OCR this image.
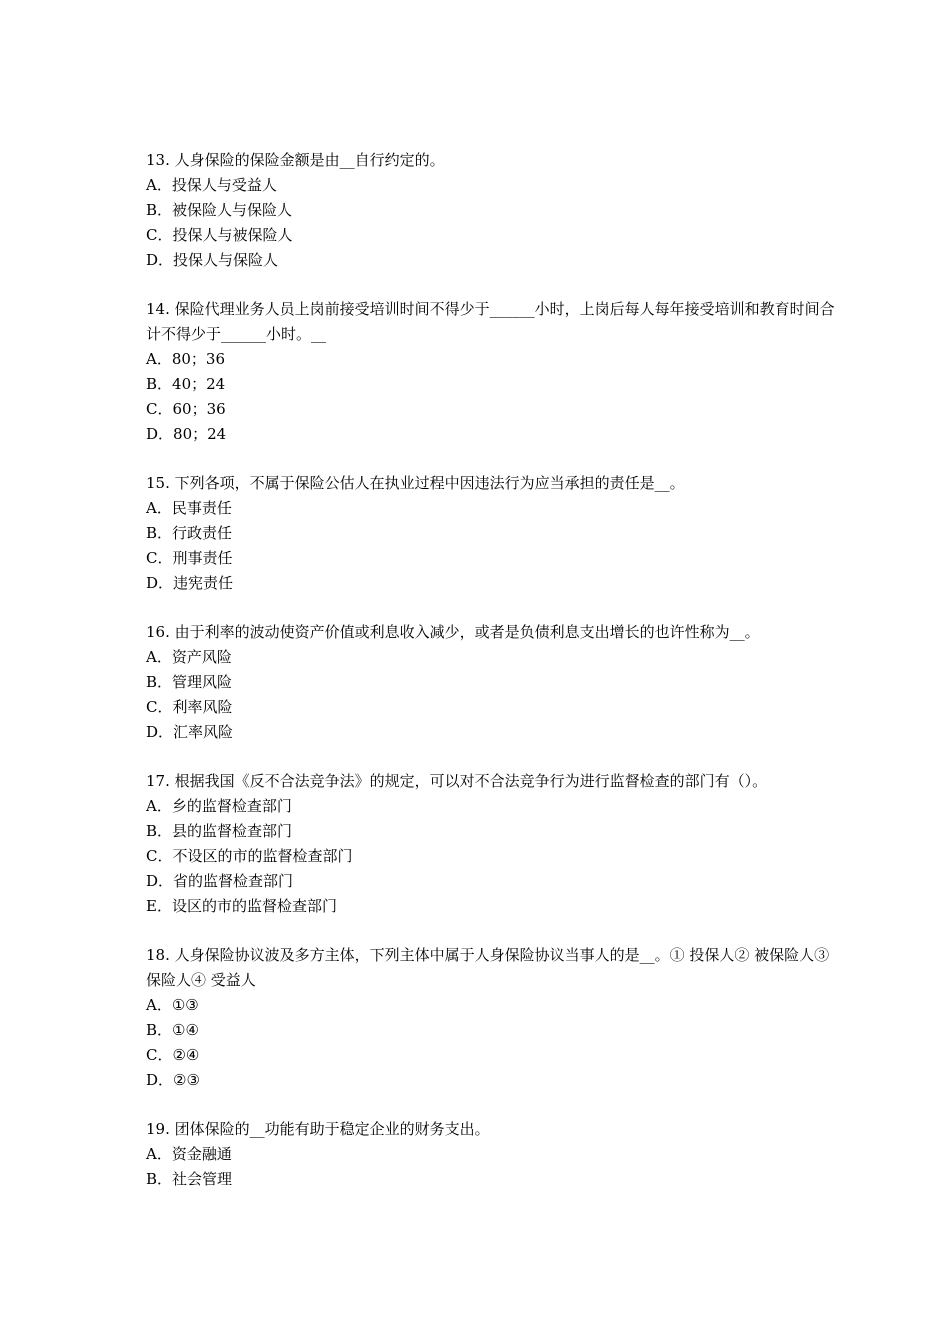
13. 人身保险的保险金额是由__自行约定的。
A．投保人与受益人
B．被保险人与保险人
C．投保人与被保险人
D．投保人与保险人
14. 保险代理业务人员上岗前接受培训时间不得少于______小时，上岗后每人每年接受培训和教育时间合计不得少于______小时。__
A．80；36
B．40；24
C．60；36
D．80；24
15. 下列各项，不属于保险公估人在执业过程中因违法行为应当承担的责任是__。
A．民事责任
B．行政责任
C．刑事责任
D．违宪责任
16. 由于利率的波动使资产价值或利息收入减少，或者是负债利息支出增长的也许性称为__。
A．资产风险
B．管理风险
C．利率风险
D．汇率风险
17. 根据我国《反不合法竞争法》的规定，可以对不合法竞争行为进行监督检查的部门有（）。
A．乡的监督检查部门
B．县的监督检查部门
C．不设区的市的监督检查部门
D．省的监督检查部门
E．设区的市的监督检查部门
18. 人身保险协议波及多方主体，下列主体中属于人身保险协议当事人的是__。① 投保人② 被保险人③ 保险人④ 受益人
A．①③
B．①④
C．②④
D．②③
19. 团体保险的__功能有助于稳定企业的财务支出。
A．资金融通
B．社会管理
